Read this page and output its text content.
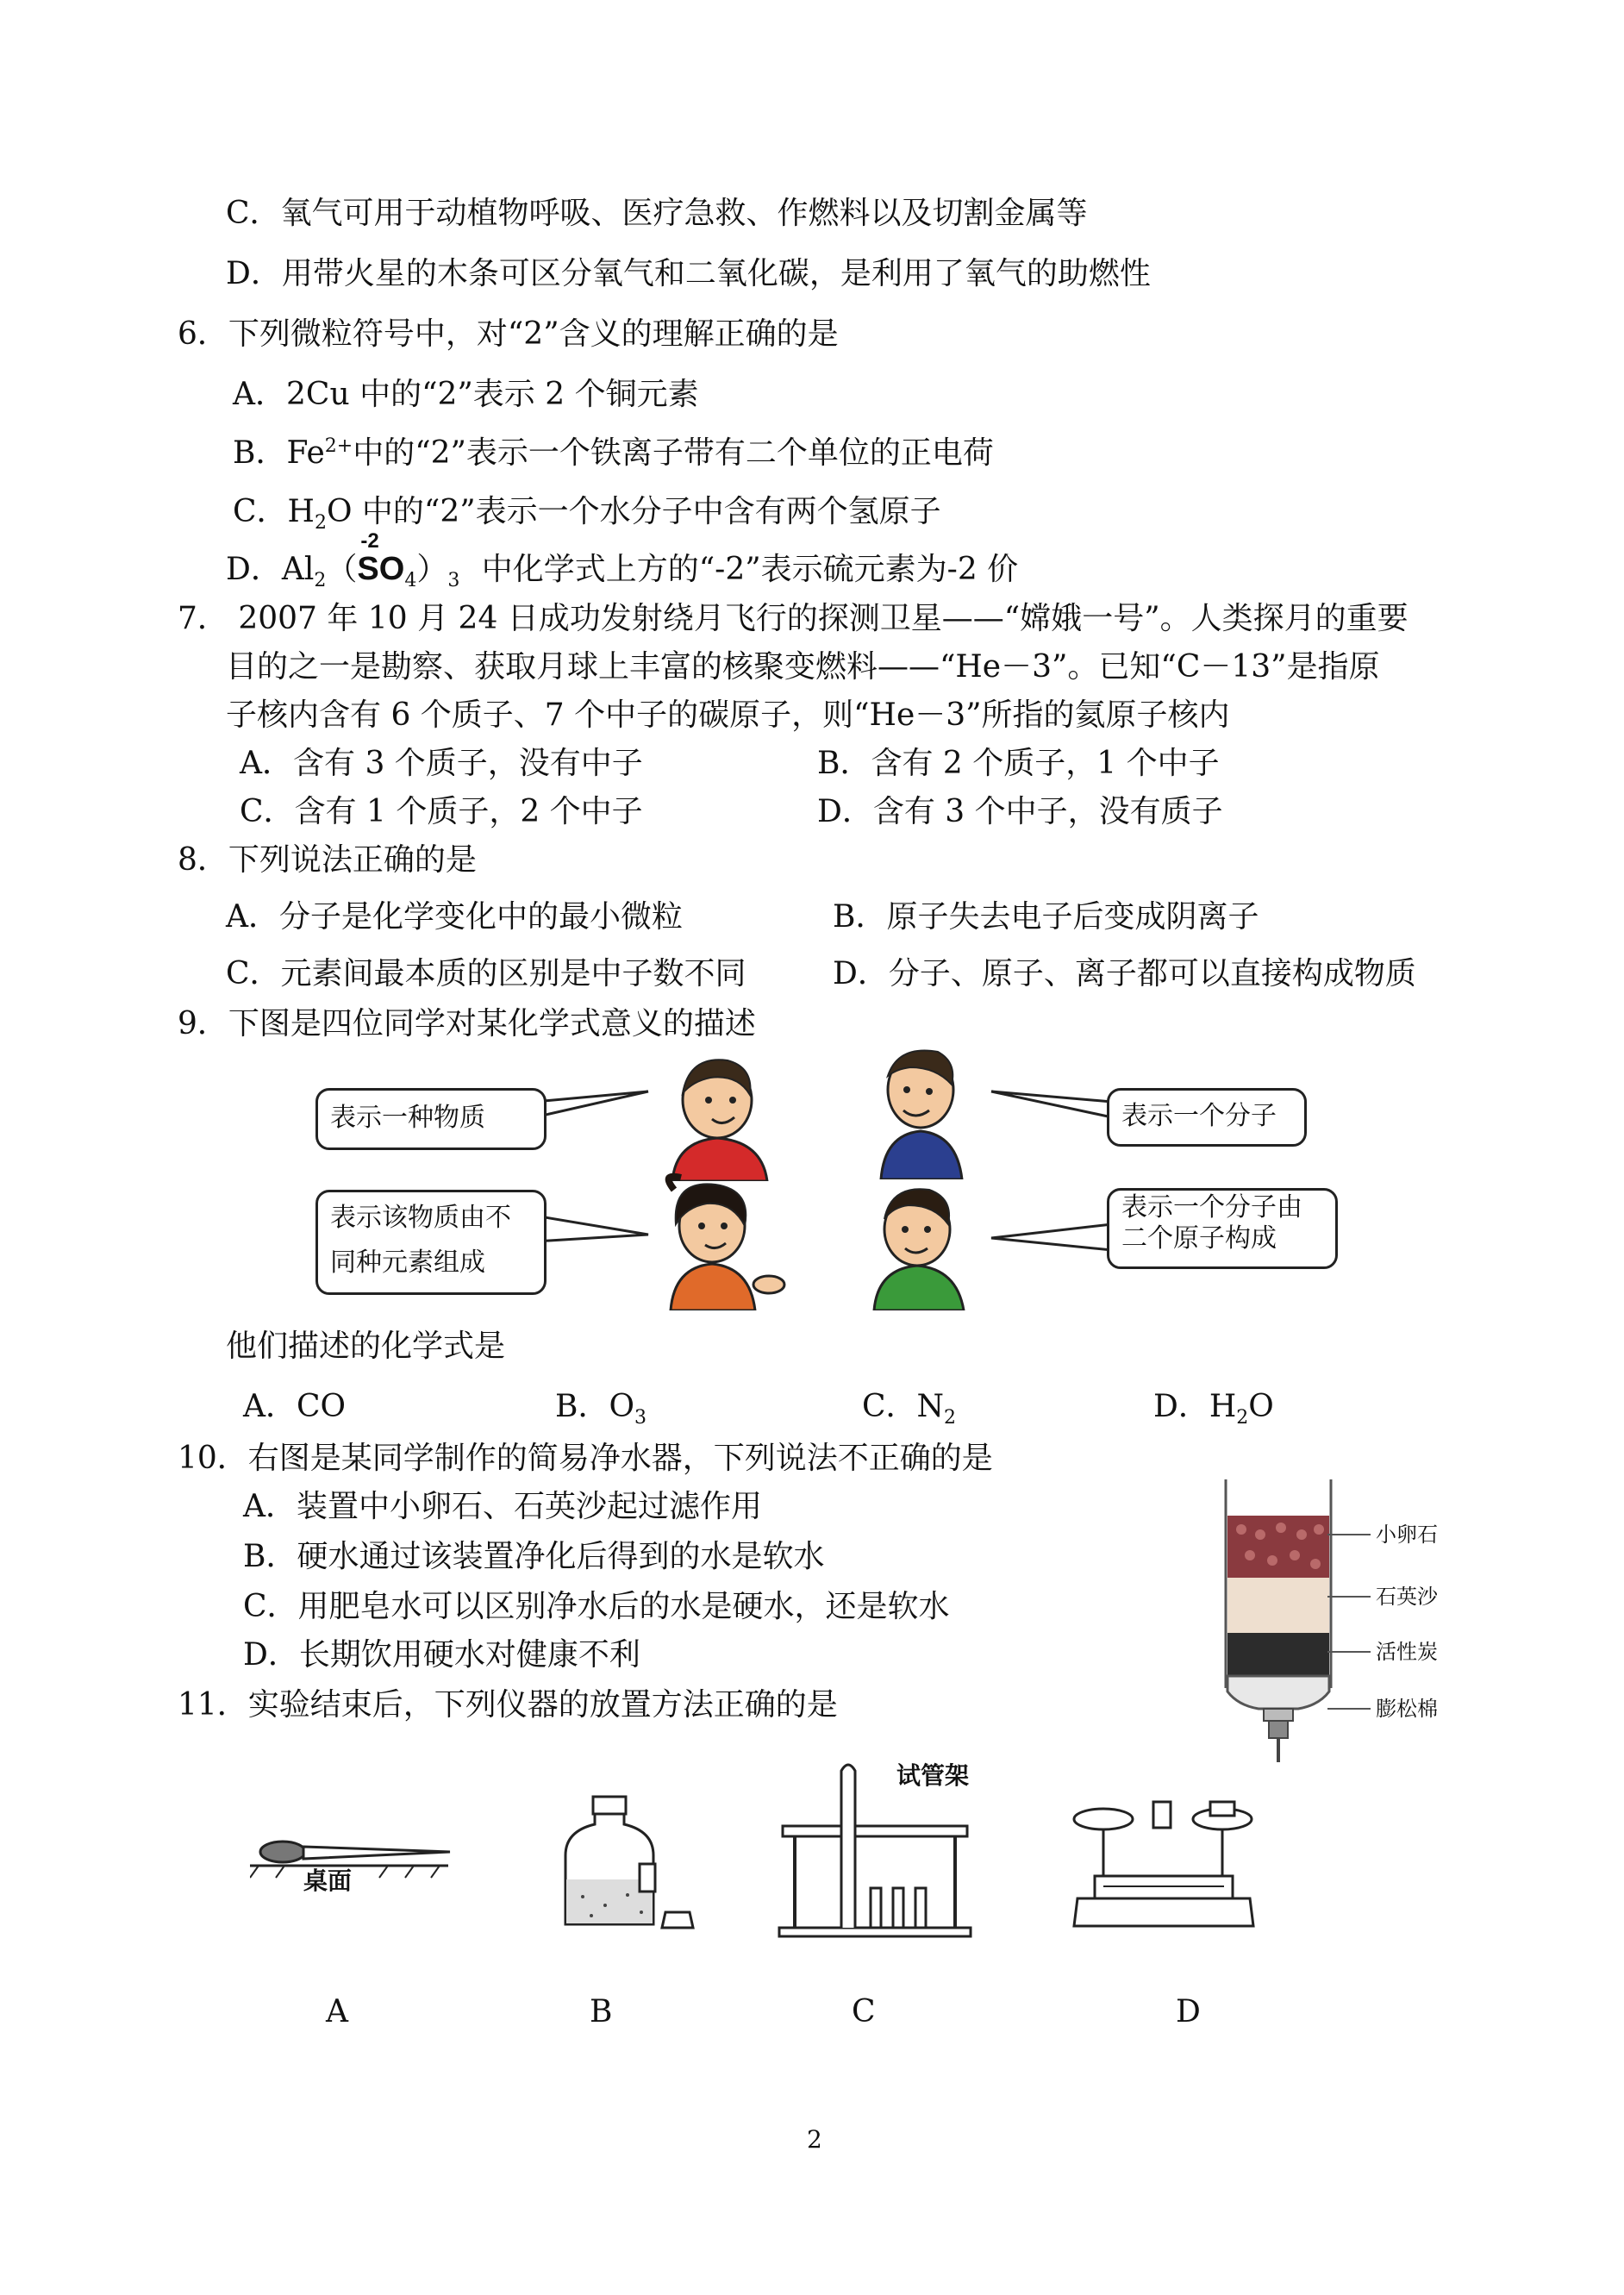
C．氧气可用于动植物呼吸、医疗急救、作燃料以及切割金属等
D．用带火星的木条可区分氧气和二氧化碳，是利用了氧气的助燃性
6．下列微粒符号中，对“2”含义的理解正确的是
A．2Cu 中的“2”表示 2 个铜元素
B．$Fe^{2+}$中的“2”表示一个铁离子带有二个单位的正电荷
C．$H_2O$ 中的“2”表示一个水分子中含有两个氢原子
D．$Al_2(SO$
-2
$_4)_3$ 中化学式上方的“-2”表示硫元素为-2 价
7． 2007 年 10 月 24 日成功发射绕月飞行的探测卫星——“嫦娥一号”。人类探月的重要
目的之一是勘察、获取月球上丰富的核聚变燃料——“He－3”。已知“C－13”是指原
子核内含有 6 个质子、7 个中子的碳原子，则“He－3”所指的氦原子核内
A．含有 3 个质子，没有中子	B．含有 2 个质子，1 个中子
C．含有 1 个质子，2 个中子	D．含有 3 个中子，没有质子
8．下列说法正确的是
A．分子是化学变化中的最小微粒	B．原子失去电子后变成阴离子
C．元素间最本质的区别是中子数不同	D．分子、原子、离子都可以直接构成物质
9．下图是四位同学对某化学式意义的描述
表示一种物质	表示一个分子
表示该物质由不
同种元素组成
表示一个分子由
二个原子构成
他们描述的化学式是
A．CO	B．$O_3$	C．$N_2$	D．$H_2O$
10．右图是某同学制作的简易净水器，下列说法不正确的是
A．装置中小卵石、石英沙起过滤作用
B．硬水通过该装置净化后得到的水是软水
C．用肥皂水可以区别净水后的水是硬水，还是软水
D．长期饮用硬水对健康不利
小卵石
石英沙
活性炭
膨松棉
11．实验结束后，下列仪器的放置方法正确的是
桌面
试管架
A	B	C	D
2
